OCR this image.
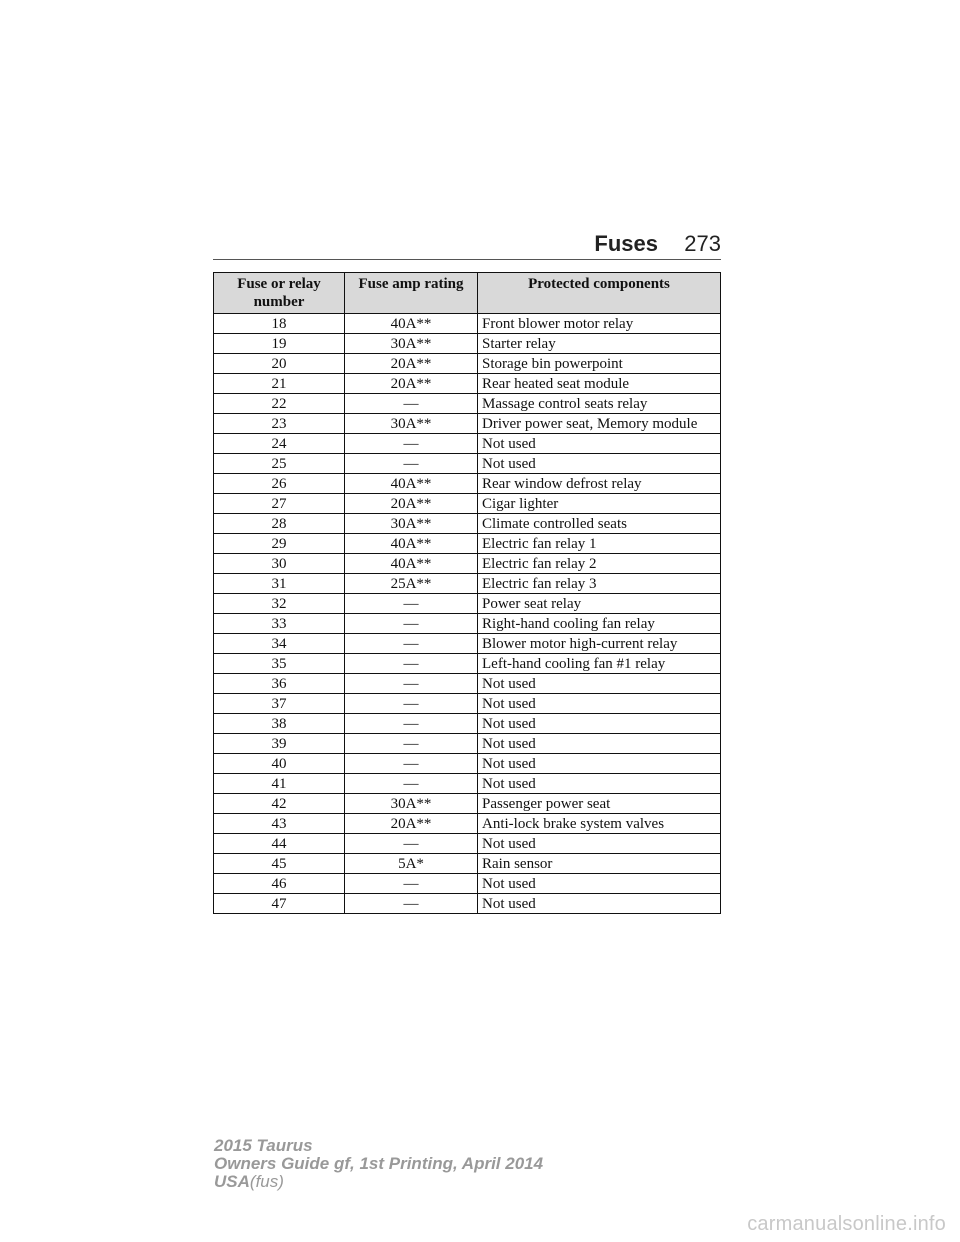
Fuses 273
Fuse or relay number	Fuse amp rating	Protected components
18	40A**	Front blower motor relay
19	30A**	Starter relay
20	20A**	Storage bin powerpoint
21	20A**	Rear heated seat module
22	—	Massage control seats relay
23	30A**	Driver power seat, Memory module
24	—	Not used
25	—	Not used
26	40A**	Rear window defrost relay
27	20A**	Cigar lighter
28	30A**	Climate controlled seats
29	40A**	Electric fan relay 1
30	40A**	Electric fan relay 2
31	25A**	Electric fan relay 3
32	—	Power seat relay
33	—	Right-hand cooling fan relay
34	—	Blower motor high-current relay
35	—	Left-hand cooling fan #1 relay
36	—	Not used
37	—	Not used
38	—	Not used
39	—	Not used
40	—	Not used
41	—	Not used
42	30A**	Passenger power seat
43	20A**	Anti-lock brake system valves
44	—	Not used
45	5A*	Rain sensor
46	—	Not used
47	—	Not used
2015 Taurus
Owners Guide gf, 1st Printing, April 2014
USA(fus)
carmanualsonline.info
